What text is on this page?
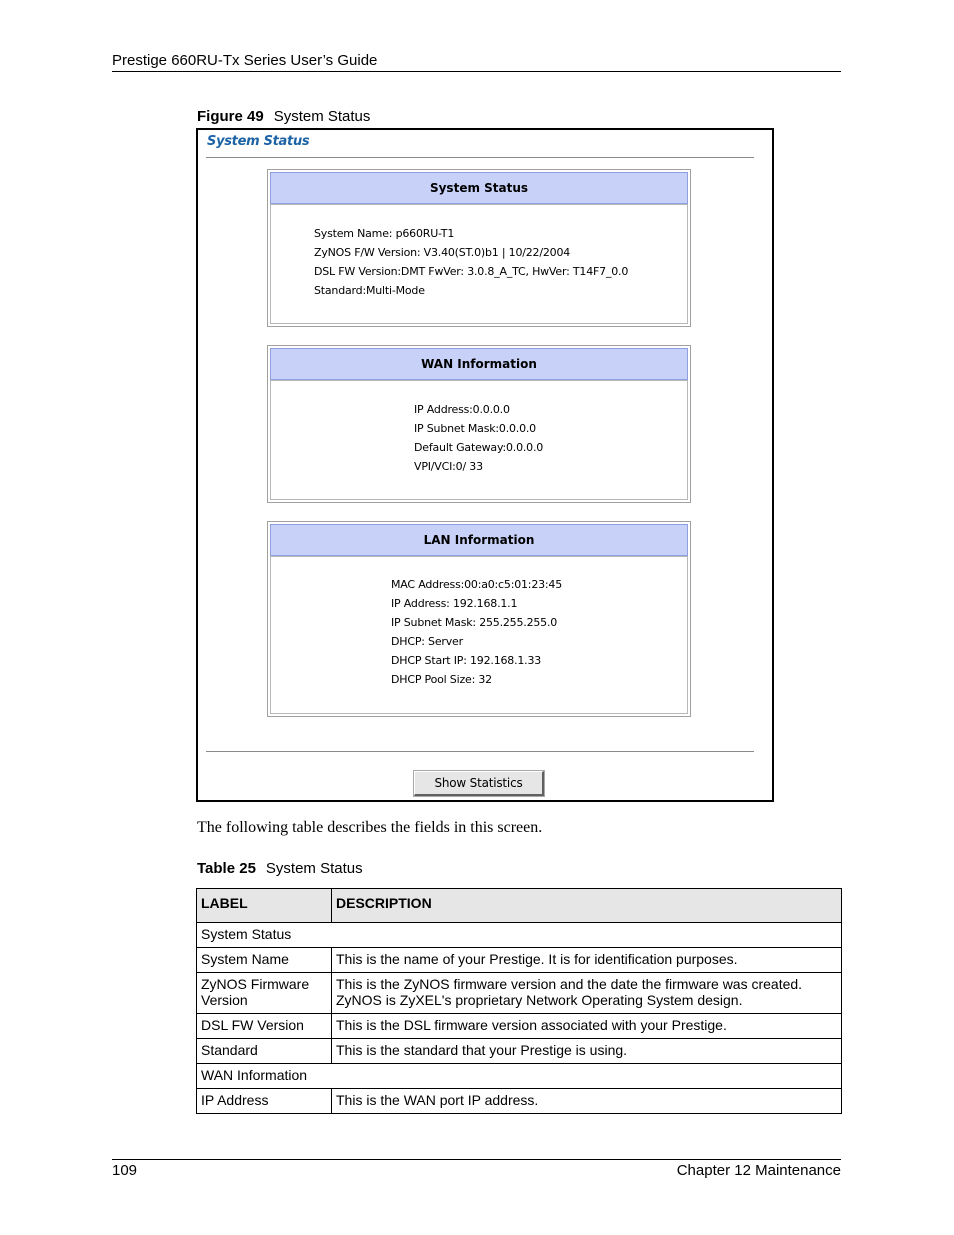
Prestige 660RU-Tx Series User’s Guide
Figure 49 System Status
System Status
System Status
System Name: p660RU-T1
ZyNOS F/W Version: V3.40(ST.0)b1 | 10/22/2004
DSL FW Version:DMT FwVer: 3.0.8_A_TC, HwVer: T14F7_0.0
Standard:Multi-Mode
WAN Information
IP Address:0.0.0.0
IP Subnet Mask:0.0.0.0
Default Gateway:0.0.0.0
VPI/VCI:0/ 33
LAN Information
MAC Address:00:a0:c5:01:23:45
IP Address: 192.168.1.1
IP Subnet Mask: 255.255.255.0
DHCP: Server
DHCP Start IP: 192.168.1.33
DHCP Pool Size: 32
Show Statistics
The following table describes the fields in this screen.
Table 25 System Status
LABEL	DESCRIPTION
System Status	
System Name	This is the name of your Prestige. It is for identification purposes.
ZyNOS Firmware Version	This is the ZyNOS firmware version and the date the firmware was created. ZyNOS is ZyXEL's proprietary Network Operating System design.
DSL FW Version	This is the DSL firmware version associated with your Prestige.
Standard	This is the standard that your Prestige is using.
WAN Information	
IP Address	This is the WAN port IP address.
109	Chapter 12 Maintenance
